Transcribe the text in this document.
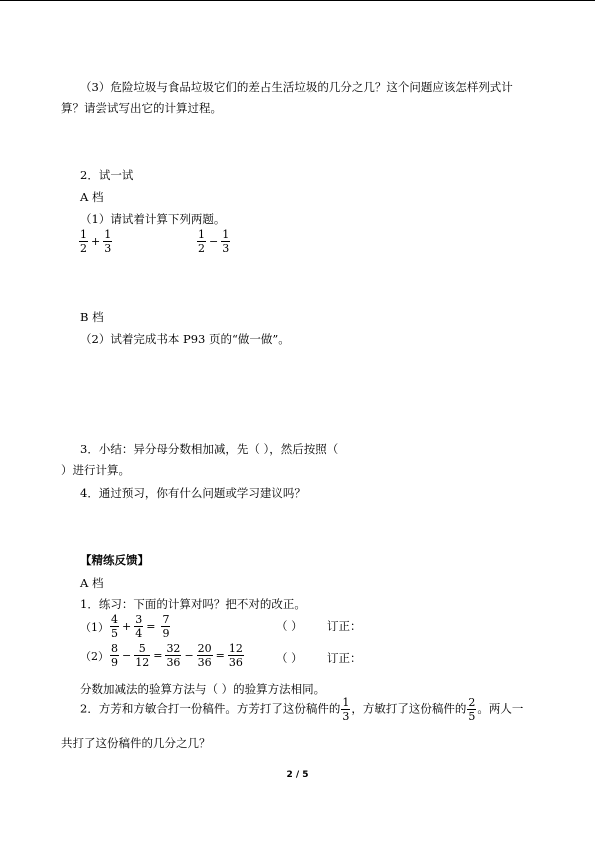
（3）危险垃圾与食品垃圾它们的差占生活垃圾的几分之几？这个问题应该怎样列式计
算？请尝试写出它的计算过程。
2．试一试
A 档
（1）请试着计算下列两题。
$\frac{1}{2} + \frac{1}{3}$	$\frac{1}{2} - \frac{1}{3}$
B 档
（2）试着完成书本 P93 页的“做一做”。
3．小结：异分母分数相加减，先（ ），然后按照（
）进行计算。
4．通过预习，你有什么问题或学习建议吗？
【精练反馈】
A 档
1．练习：下面的计算对吗？把不对的改正。
$(1) \frac{4}{5} + \frac{3}{4} = \frac{7}{9}$	（ ） 订正：
$(2) \frac{8}{9} - \frac{5}{12} = \frac{32}{36} - \frac{20}{36} = \frac{12}{36}$	（ ） 订正：
分数加减法的验算方法与（ ）的验算方法相同。
2．方芳和方敏合打一份稿件。方芳打了这份稿件的 $\frac{1}{3}$ ，方敏打了这份稿件的 $\frac{2}{5}$ 。两人一
共打了这份稿件的几分之几？
2 / 5
